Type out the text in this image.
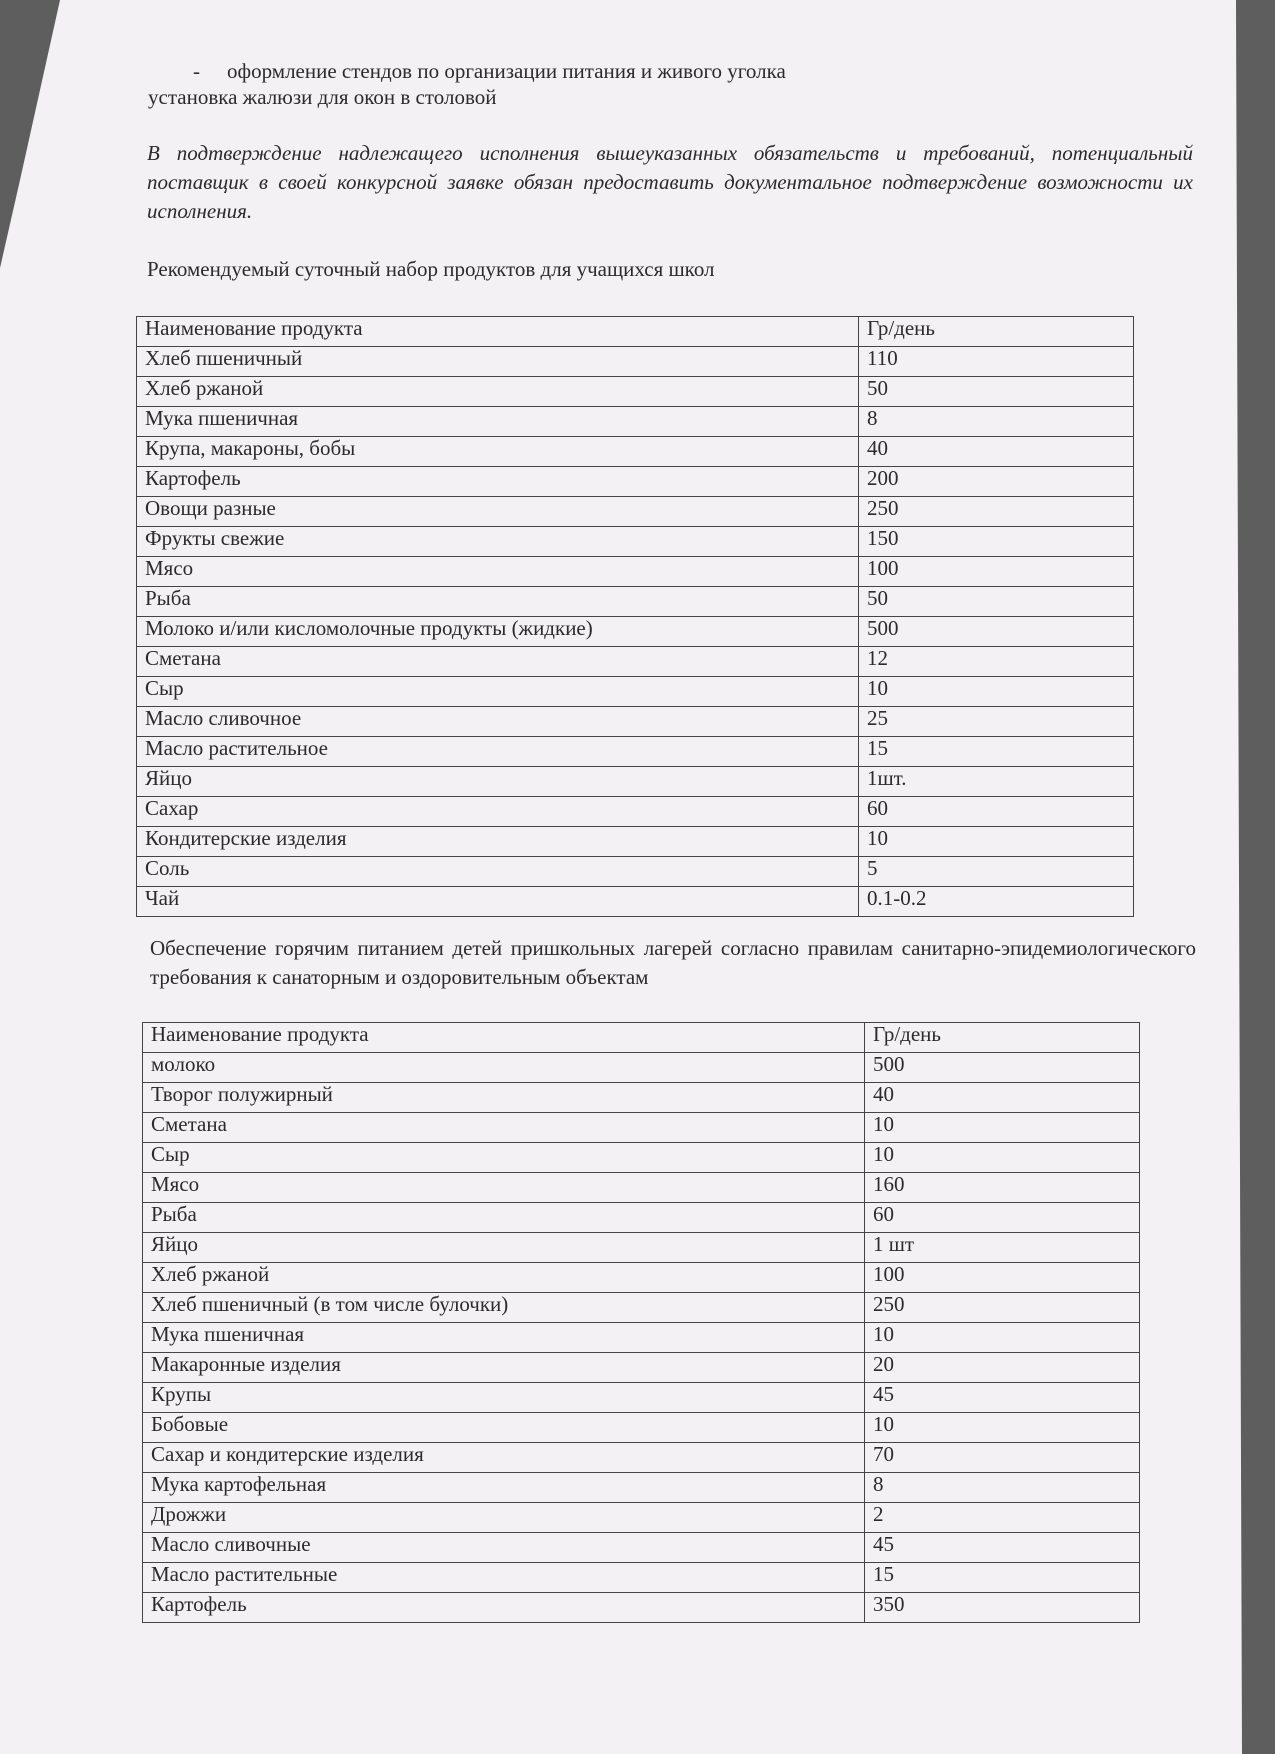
- оформление стендов по организации питания и живого уголка

установка жалюзи для окон в столовой

В подтверждение надлежащего исполнения вышеуказанных обязательств и требований, потенциальный поставщик в своей конкурсной заявке обязан предоставить документальное подтверждение возможности их исполнения.

Рекомендуемый суточный набор продуктов для учащихся школ

Наименование продукта	Гр/день
Хлеб пшеничный	110
Хлеб ржаной	50
Мука пшеничная	8
Крупа, макароны, бобы	40
Картофель	200
Овощи разные	250
Фрукты свежие	150
Мясо	100
Рыба	50
Молоко и/или кисломолочные продукты (жидкие)	500
Сметана	12
Сыр	10
Масло сливочное	25
Масло растительное	15
Яйцо	1шт.
Сахар	60
Кондитерские изделия	10
Соль	5
Чай	0.1-0.2

Обеспечение горячим питанием детей пришкольных лагерей согласно правилам санитарно-эпидемиологического требования к санаторным и оздоровительным объектам

Наименование продукта	Гр/день
молоко	500
Творог полужирный	40
Сметана	10
Сыр	10
Мясо	160
Рыба	60
Яйцо	1 шт
Хлеб ржаной	100
Хлеб пшеничный (в том числе булочки)	250
Мука пшеничная	10
Макаронные изделия	20
Крупы	45
Бобовые	10
Сахар и кондитерские изделия	70
Мука картофельная	8
Дрожжи	2
Масло сливочные	45
Масло растительные	15
Картофель	350
